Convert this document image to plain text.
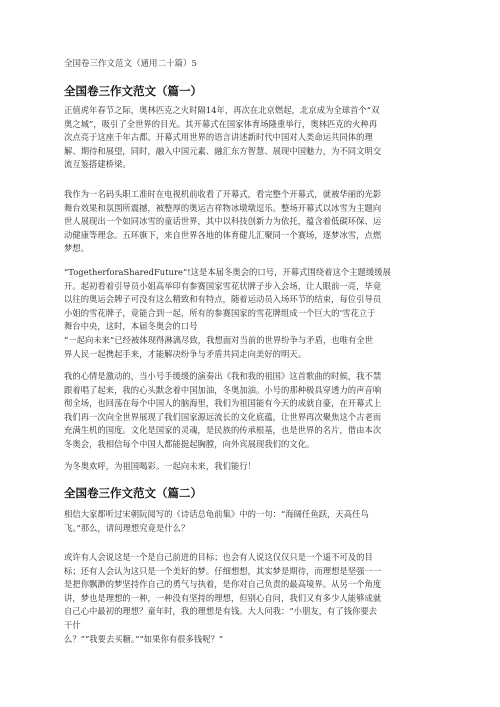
全国卷三作文范文（通用二十篇）5
全国卷三作文范文（篇一）
正值虎年春节之际，奥林匹克之火时隔14年，再次在北京燃起，北京成为全球首个“双
奥之城”，吸引了全世界的目光。其开幕式在国家体育场隆重举行，奥林匹克的火种再
次点亮于这座千年古都。开幕式用世界的语言讲述新时代中国对人类命运共同体的理
解、期待和展望，同时，融入中国元素、融汇东方智慧、展现中国魅力，为不同文明交
流互鉴搭建桥梁。
我作为一名码头职工准时在电视机前收看了开幕式，看完整个开幕式，就被华丽的光影
舞台效果和氛围所震撼，被整厚的奥运吉祥物冰墩墩逗乐。整场开幕式以冰雪为主题向
世人展现出一个如同冰雪的童话世界，其中以科技创新力为依托，蕴含着低碳环保、运
动健康等理念。五环旗下，来自世界各地的体育健儿汇聚同一个赛场，逐梦冰雪，点燃
梦想。
“TogetherforaSharedFuture”!这是本届冬奥会的口号，开幕式围绕着这个主题缓缓展
开。起初看着引导员小姐高举印有参赛国家雪花状牌子步入会场，让人眼前一亮，毕竟
以往的奥运会牌子可没有这么精致和有特点，随着运动员入场环节的结束，每位引导员
小姐的雪花牌子，竟能合到一起，所有的参赛国家的雪花牌组成一个巨大的‘雪花立于
舞台中央，这时，本届冬奥会的口号
“一起向未来”已经被体现得淋漓尽致，我想面对当前的世界纷争与矛盾，也唯有全世
界人民一起携起手来，才能解决纷争与矛盾共同走向美好的明天。
我的心情是激动的，当小号手缓缓的演奏出《我和我的祖国》这首歌曲的时候，我不禁
跟着唱了起来，我的心头默念着中国加油，冬奥加油。小号的那种极具穿透力的声音响
彻全场，也回荡在每个中国人的脑海里，我们为祖国能有今天的成就自豪，在开幕式上
我们再一次向全世界展现了我们国家源远流长的文化底蕴，让世界再次聚焦这个古老而
充满生机的国度。文化是国家的灵魂，是民族的传承根基，也是世界的名片，借由本次
冬奥会，我相信每个中国人都能挺起胸膛，向外宾展现我们的文化。
为冬奥欢呼，为祖国喝彩。一起向未来，我们能行！
全国卷三作文范文（篇二）
相信大家都听过宋朝阮阅写的《诗话总龟前集》中的一句：“海阔任鱼跃，天高任鸟
飞。”那么，请问理想究竟是什么？
或许有人会说这是一个是自己前进的目标；也会有人说这仅仅只是一个遥不可及的目
标；还有人会认为这只是一个美好的梦。仔细想想，其实梦是期待，而理想是坚强一一
是把你飘渺的梦坚持作自己的勇气与执着，是你对自己负责的最高境界。从另一个角度
讲，梦也是理想的一种，一种没有坚持的理想，但别心自问，我们又有多少人能够成就
自己心中最初的理想？童年时，我的理想是有钱。大人问我：“小朋友，有了钱你要去
干什
么？”“我要去买糖。”“如果你有很多钱呢？”
